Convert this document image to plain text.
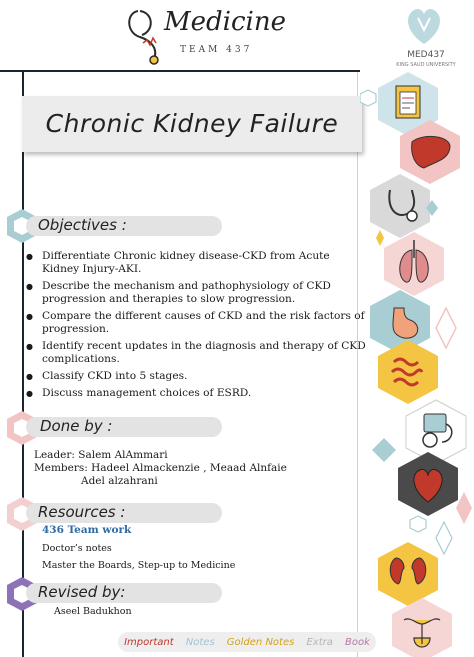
Medicine
TEAM 437	MED437
KING SAUD UNIVERSITY
Chronic Kidney Failure
Objectives :
● Differentiate Chronic kidney disease-CKD from Acute Kidney Injury-AKI.
● Describe the mechanism and pathophysiology of CKD progression and therapies to slow progression.
● Compare the different causes of CKD and the risk factors of progression.
● Identify recent updates in the diagnosis and therapy of CKD complications.
● Classify CKD into 5 stages.
● Discuss management choices of ESRD.
Done by :
Leader: Salem AlAmmari
Members: Hadeel Almackenzie , Meaad Alnfaie
Adel alzahrani
Resources :
436 Team work
Doctor’s notes
Master the Boards, Step-up to Medicine
Revised by:
Aseel Badukhon
Important Notes Golden Notes Extra Book
